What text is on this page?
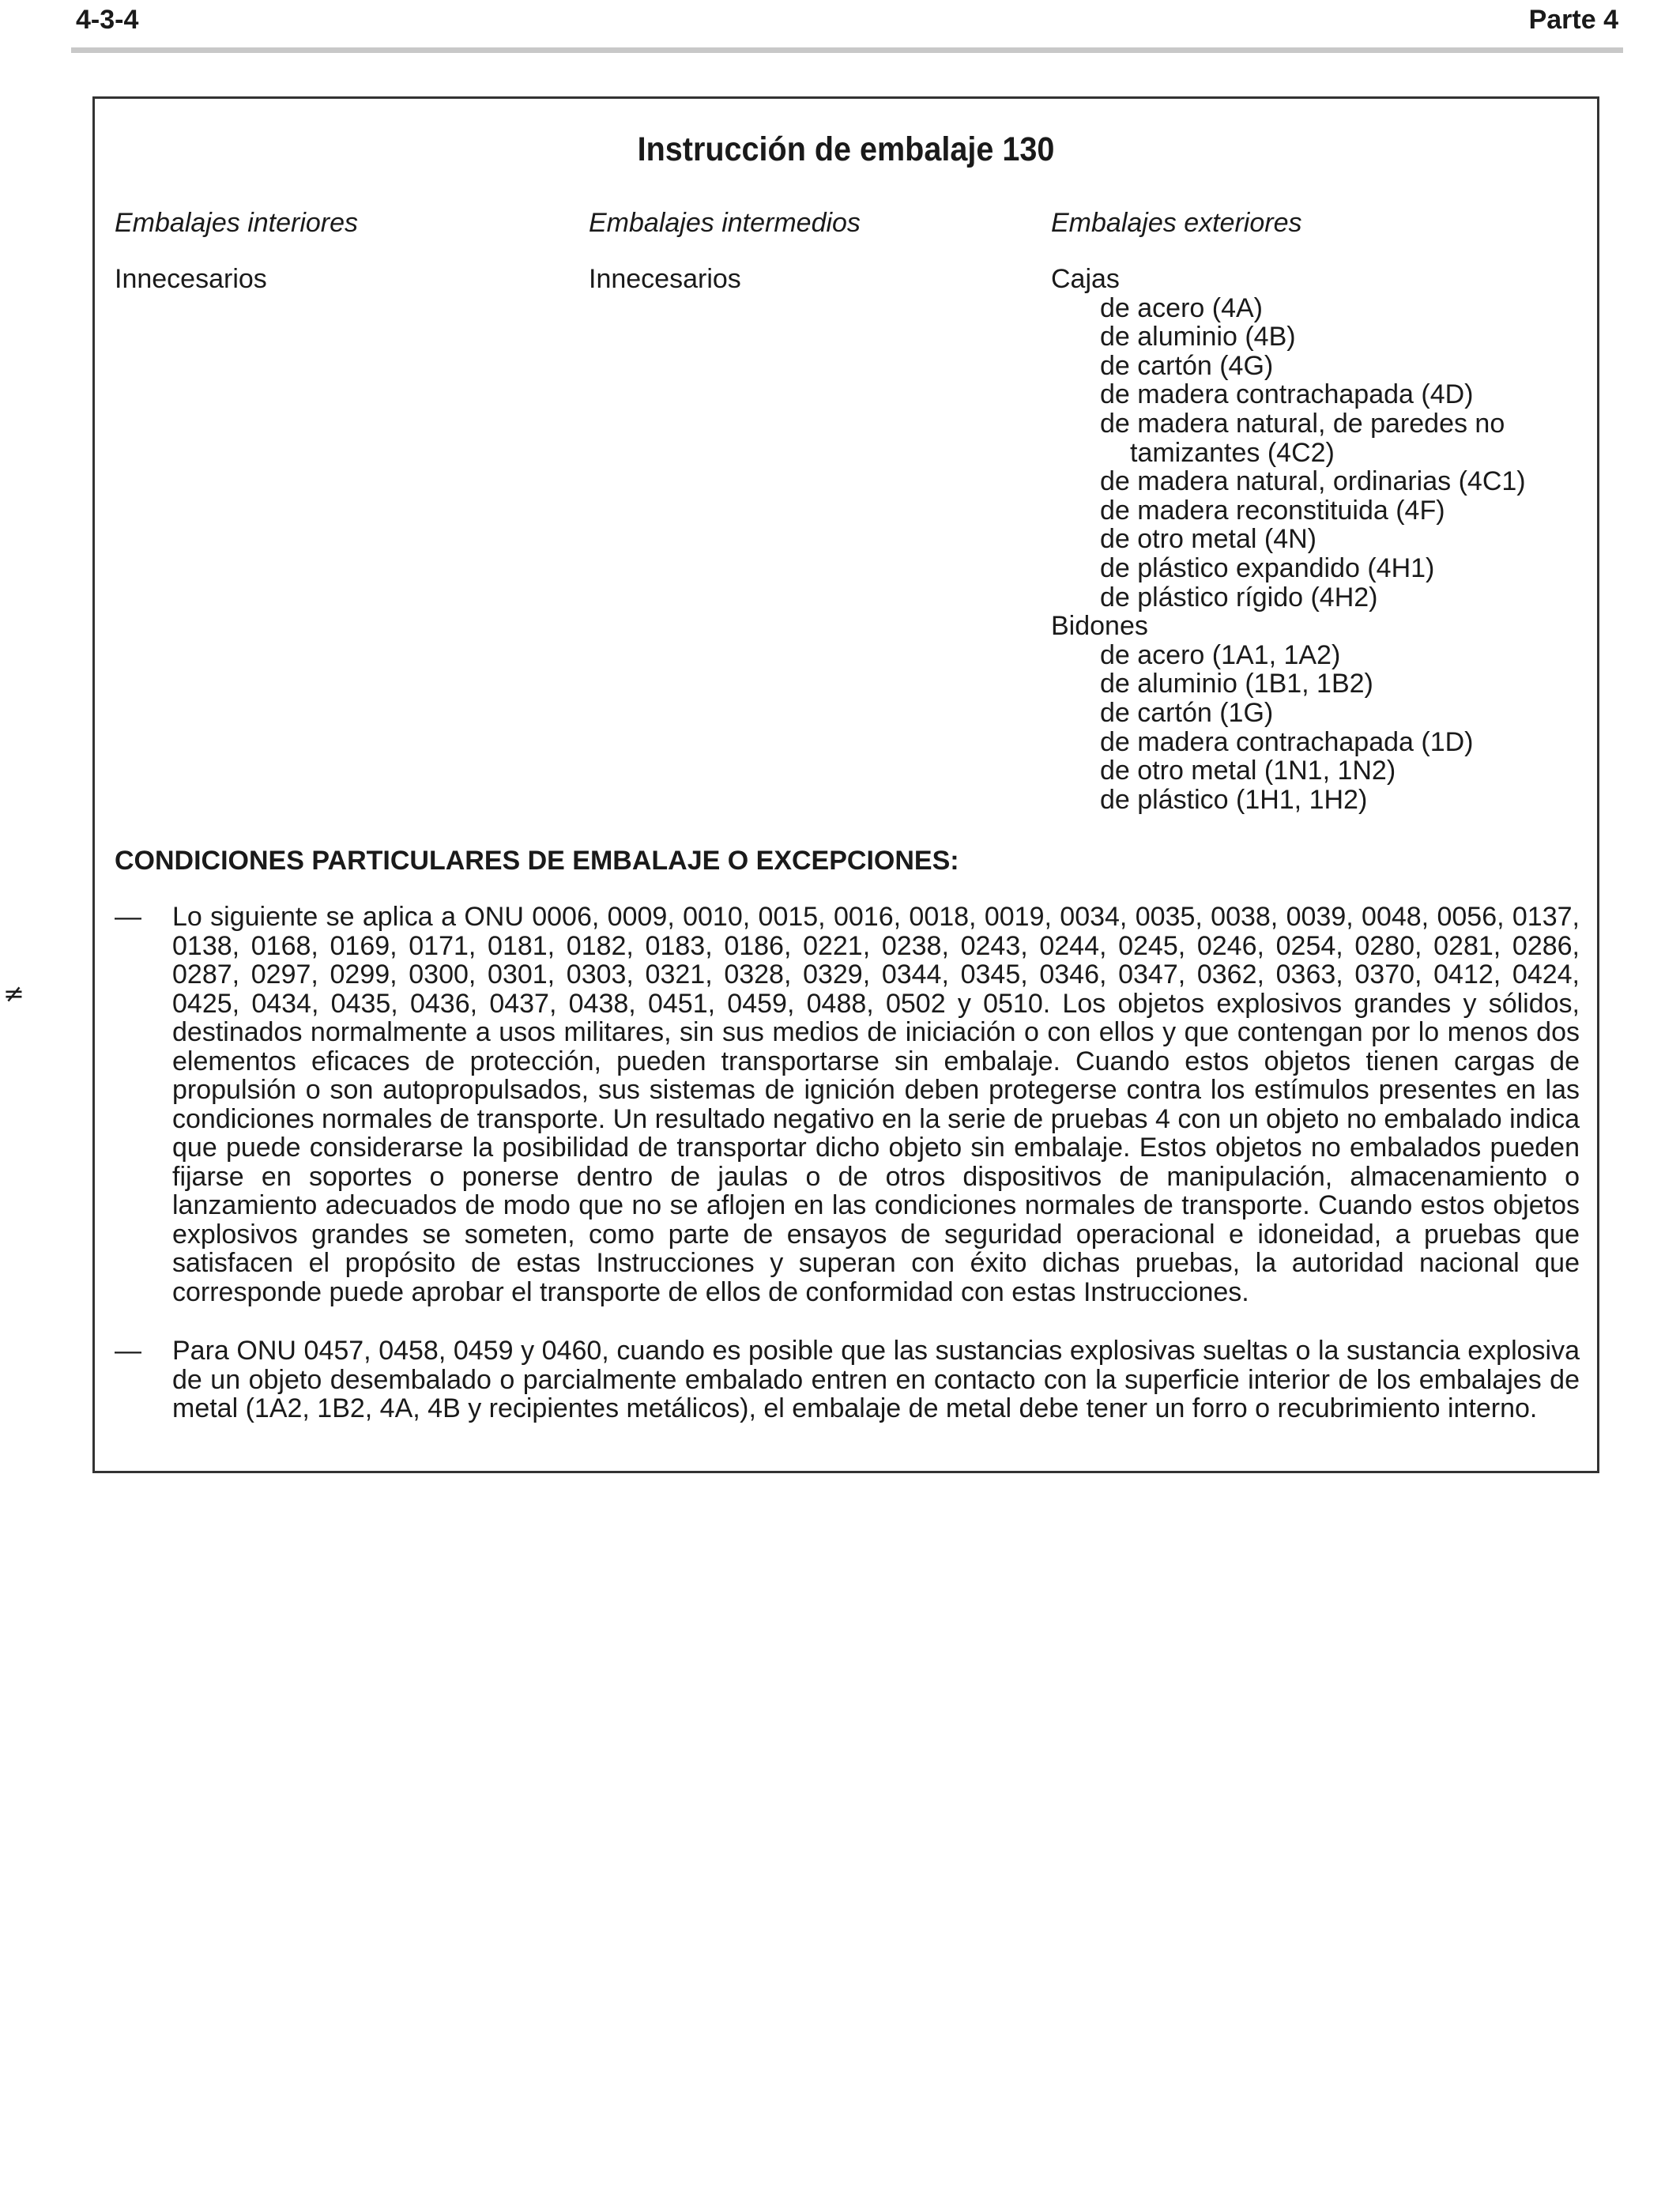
4-3-4	Parte 4
≠
Instrucción de embalaje 130
Embalajes interiores	Embalajes intermedios	Embalajes exteriores
Innecesarios	Innecesarios	Cajas
de acero (4A)
de aluminio (4B)
de cartón (4G)
de madera contrachapada (4D)
de madera natural, de paredes no
tamizantes (4C2)
de madera natural, ordinarias (4C1)
de madera reconstituida (4F)
de otro metal (4N)
de plástico expandido (4H1)
de plástico rígido (4H2)
Bidones
de acero (1A1, 1A2)
de aluminio (1B1, 1B2)
de cartón (1G)
de madera contrachapada (1D)
de otro metal (1N1, 1N2)
de plástico (1H1, 1H2)
CONDICIONES PARTICULARES DE EMBALAJE O EXCEPCIONES:
— Lo siguiente se aplica a ONU 0006, 0009, 0010, 0015, 0016, 0018, 0019, 0034, 0035, 0038, 0039, 0048, 0056, 0137, 0138, 0168, 0169, 0171, 0181, 0182, 0183, 0186, 0221, 0238, 0243, 0244, 0245, 0246, 0254, 0280, 0281, 0286, 0287, 0297, 0299, 0300, 0301, 0303, 0321, 0328, 0329, 0344, 0345, 0346, 0347, 0362, 0363, 0370, 0412, 0424, 0425, 0434, 0435, 0436, 0437, 0438, 0451, 0459, 0488, 0502 y 0510. Los objetos explosivos grandes y sólidos, destinados normalmente a usos militares, sin sus medios de iniciación o con ellos y que contengan por lo menos dos elementos eficaces de protección, pueden transportarse sin embalaje. Cuando estos objetos tienen cargas de propulsión o son autopropulsados, sus sistemas de ignición deben protegerse contra los estímulos presentes en las condiciones normales de transporte. Un resultado negativo en la serie de pruebas 4 con un objeto no embalado indica que puede considerarse la posibilidad de transportar dicho objeto sin embalaje. Estos objetos no embalados pueden fijarse en soportes o ponerse dentro de jaulas o de otros dispositivos de manipulación, almacenamiento o lanzamiento adecuados de modo que no se aflojen en las condiciones normales de transporte. Cuando estos objetos explosivos grandes se someten, como parte de ensayos de seguridad operacional e idoneidad, a pruebas que satisfacen el propósito de estas Instrucciones y superan con éxito dichas pruebas, la autoridad nacional que corresponde puede aprobar el transporte de ellos de conformidad con estas Instrucciones.
— Para ONU 0457, 0458, 0459 y 0460, cuando es posible que las sustancias explosivas sueltas o la sustancia explosiva de un objeto desembalado o parcialmente embalado entren en contacto con la superficie interior de los embalajes de metal (1A2, 1B2, 4A, 4B y recipientes metálicos), el embalaje de metal debe tener un forro o recubrimiento interno.
